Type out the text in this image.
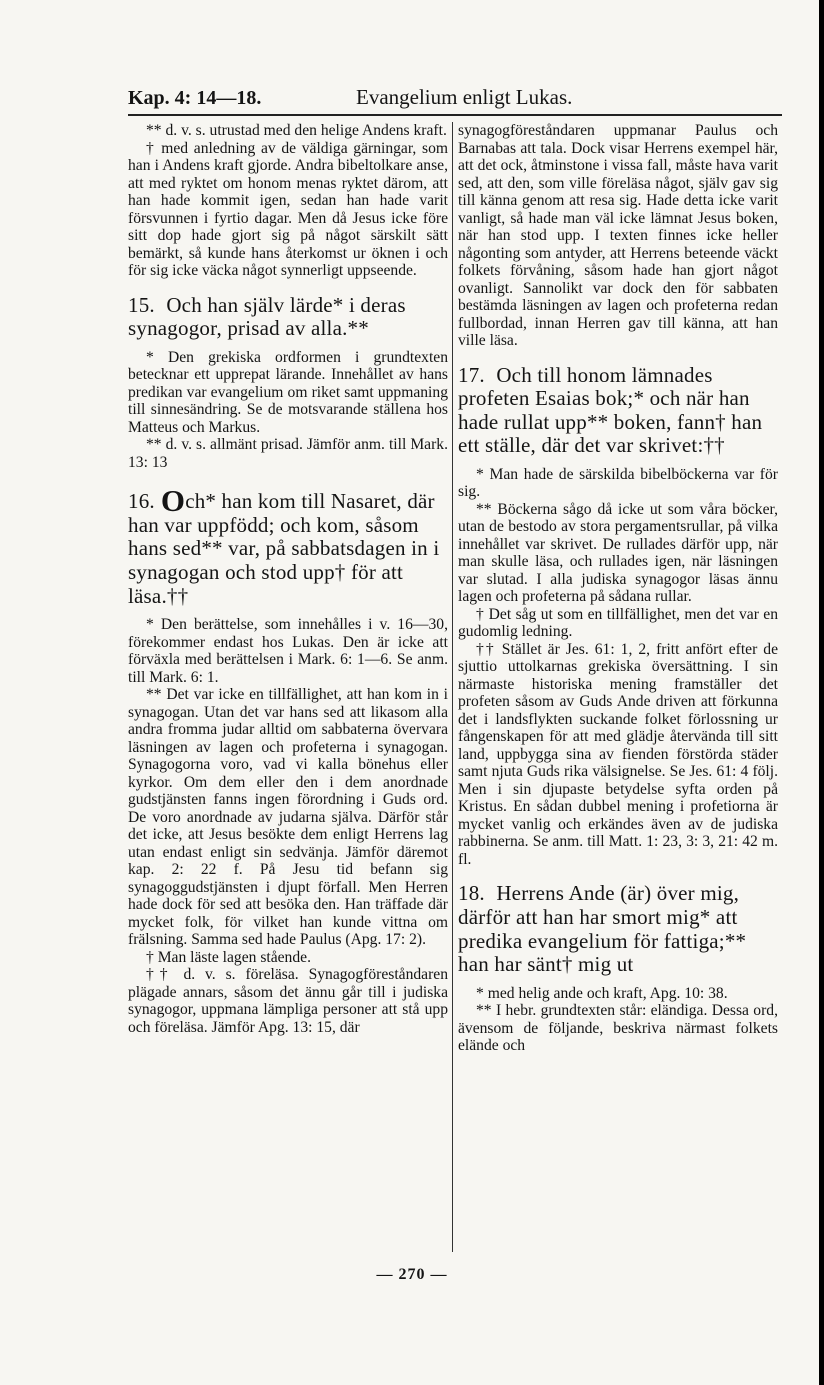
Kap. 4: 14—18.	Evangelium enligt Lukas.

** d. v. s. utrustad med den helige Andens kraft.

† med anledning av de väldiga gärningar, som han i Andens kraft gjorde. Andra bibeltolkare anse, att med ryktet om honom menas ryktet därom, att han hade kommit igen, sedan han hade varit försvunnen i fyrtio dagar. Men då Jesus icke före sitt dop hade gjort sig på något särskilt sätt bemärkt, så kunde hans återkomst ur öknen i och för sig icke väcka något synnerligt uppseende.

15. Och han själv lärde* i deras synagogor, prisad av alla.**

* Den grekiska ordformen i grundtexten betecknar ett upprepat lärande. Innehållet av hans predikan var evangelium om riket samt uppmaning till sinnesändring. Se de motsvarande ställena hos Matteus och Markus.

** d. v. s. allmänt prisad. Jämför anm. till Mark. 13: 13

16. Och* han kom till Nasaret, där han var uppfödd; och kom, såsom hans sed** var, på sabbatsdagen in i synagogan och stod upp† för att läsa.††

* Den berättelse, som innehålles i v. 16—30, förekommer endast hos Lukas. Den är icke att förväxla med berättelsen i Mark. 6: 1—6. Se anm. till Mark. 6: 1.

** Det var icke en tillfällighet, att han kom in i synagogan. Utan det var hans sed att likasom alla andra fromma judar alltid om sabbaterna övervara läsningen av lagen och profeterna i synagogan. Synagogorna voro, vad vi kalla bönehus eller kyrkor. Om dem eller den i dem anordnade gudstjänsten fanns ingen förordning i Guds ord. De voro anordnade av judarna själva. Därför står det icke, att Jesus besökte dem enligt Herrens lag utan endast enligt sin sedvänja. Jämför däremot kap. 2: 22 f. På Jesu tid befann sig synagoggudstjänsten i djupt förfall. Men Herren hade dock för sed att besöka den. Han träffade där mycket folk, för vilket han kunde vittna om frälsning. Samma sed hade Paulus (Apg. 17: 2).

† Man läste lagen stående.

†† d. v. s. föreläsa. Synagogföreståndaren plägade annars, såsom det ännu går till i judiska synagogor, uppmana lämpliga personer att stå upp och föreläsa. Jämför Apg. 13: 15, där

synagogföreståndaren uppmanar Paulus och Barnabas att tala. Dock visar Herrens exempel här, att det ock, åtminstone i vissa fall, måste hava varit sed, att den, som ville föreläsa något, själv gav sig till känna genom att resa sig. Hade detta icke varit vanligt, så hade man väl icke lämnat Jesus boken, när han stod upp. I texten finnes icke heller någonting som antyder, att Herrens beteende väckt folkets förvåning, såsom hade han gjort något ovanligt. Sannolikt var dock den för sabbaten bestämda läsningen av lagen och profeterna redan fullbordad, innan Herren gav till känna, att han ville läsa.

17. Och till honom lämnades profeten Esaias bok;* och när han hade rullat upp** boken, fann† han ett ställe, där det var skrivet:††

* Man hade de särskilda bibelböckerna var för sig.

** Böckerna sågo då icke ut som våra böcker, utan de bestodo av stora pergamentsrullar, på vilka innehållet var skrivet. De rullades därför upp, när man skulle läsa, och rullades igen, när läsningen var slutad. I alla judiska synagogor läsas ännu lagen och profeterna på sådana rullar.

† Det såg ut som en tillfällighet, men det var en gudomlig ledning.

†† Stället är Jes. 61: 1, 2, fritt anfört efter de sjuttio uttolkarnas grekiska översättning. I sin närmaste historiska mening framställer det profeten såsom av Guds Ande driven att förkunna det i landsflykten suckande folket förlossning ur fångenskapen för att med glädje återvända till sitt land, uppbygga sina av fienden förstörda städer samt njuta Guds rika välsignelse. Se Jes. 61: 4 följ. Men i sin djupaste betydelse syfta orden på Kristus. En sådan dubbel mening i profetiorna är mycket vanlig och erkändes även av de judiska rabbinerna. Se anm. till Matt. 1: 23, 3: 3, 21: 42 m. fl.

18. Herrens Ande (är) över mig, därför att han har smort mig* att predika evangelium för fattiga;** han har sänt† mig ut

* med helig ande och kraft, Apg. 10: 38.

** I hebr. grundtexten står: eländiga. Dessa ord, ävensom de följande, beskriva närmast folkets elände och

— 270 —
